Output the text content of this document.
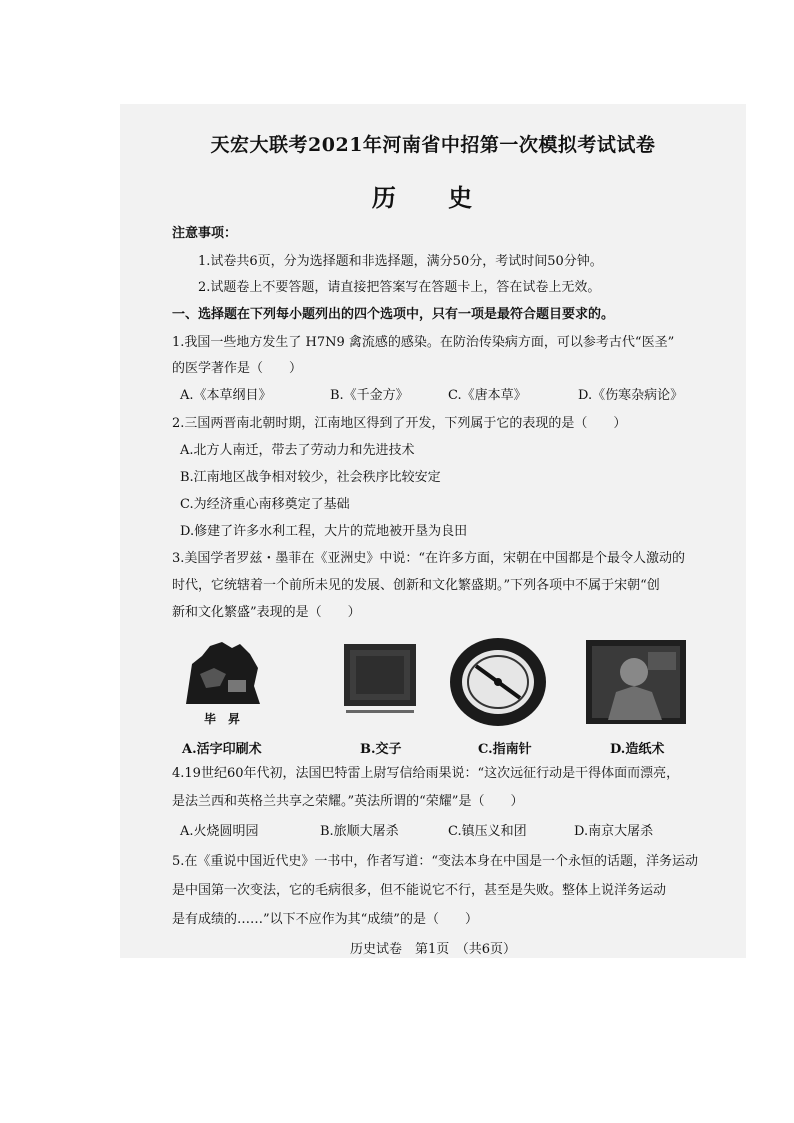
天宏大联考2021年河南省中招第一次模拟考试试卷
历 史
注意事项：
1.试卷共6页，分为选择题和非选择题，满分50分，考试时间50分钟。
2.试题卷上不要答题，请直接把答案写在答题卡上，答在试卷上无效。
一、选择题在下列每小题列出的四个选项中，只有一项是最符合题目要求的。
1.我国一些地方发生了 H7N9 禽流感的感染。在防治传染病方面，可以参考古代“医圣”
的医学著作是（　　）
A.《本草纲目》	B.《千金方》	C.《唐本草》	D.《伤寒杂病论》
2.三国两晋南北朝时期，江南地区得到了开发，下列属于它的表现的是（　　）
A.北方人南迁，带去了劳动力和先进技术
B.江南地区战争相对较少，社会秩序比较安定
C.为经济重心南移奠定了基础
D.修建了许多水利工程，大片的荒地被开垦为良田
3.美国学者罗兹・墨菲在《亚洲史》中说：“在许多方面，宋朝在中国都是个最令人激动的
时代，它统辖着一个前所未见的发展、创新和文化繁盛期。”下列各项中不属于宋朝“创
新和文化繁盛”表现的是（　　）
毕　昇
A.活字印刷术	B.交子	C.指南针	D.造纸术
4.19世纪60年代初，法国巴特雷上尉写信给雨果说：“这次远征行动是干得体面而漂亮，
是法兰西和英格兰共享之荣耀。”英法所谓的“荣耀”是（　　）
A.火烧圆明园	B.旅顺大屠杀	C.镇压义和团	D.南京大屠杀
5.在《重说中国近代史》一书中，作者写道：“变法本身在中国是一个永恒的话题，洋务运动
是中国第一次变法，它的毛病很多，但不能说它不行，甚至是失败。整体上说洋务运动
是有成绩的……”以下不应作为其“成绩”的是（　　）
历史试卷　第1页　（共6页）
